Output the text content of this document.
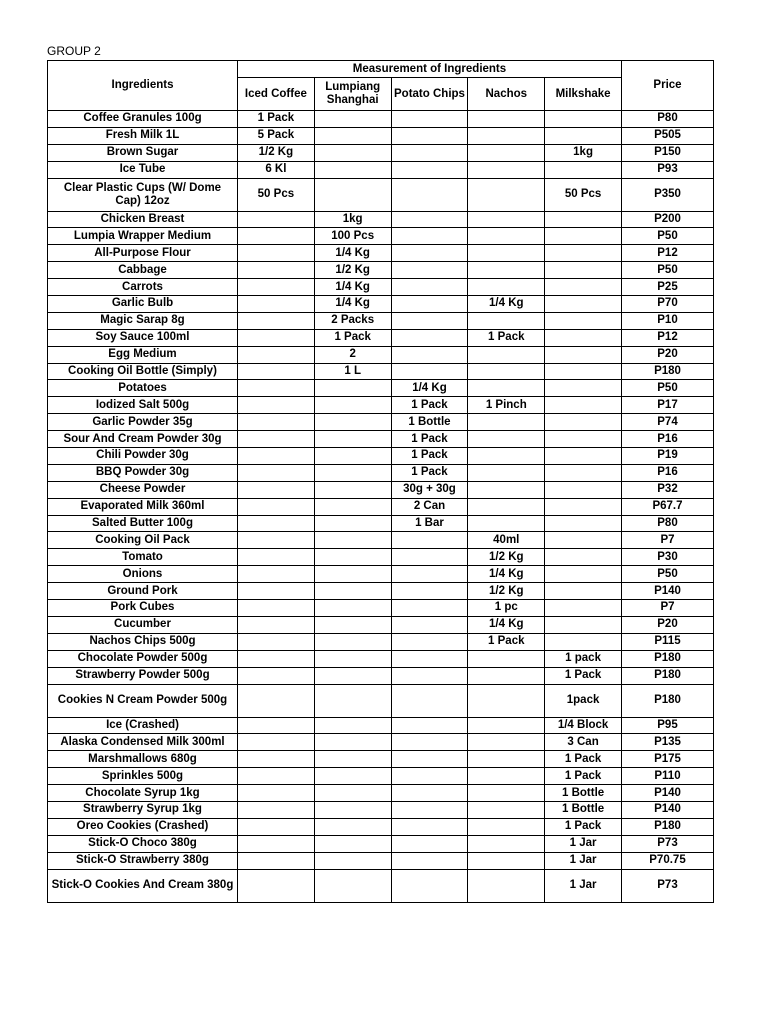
GROUP 2
Ingredients	Measurement of Ingredients					Price
	Iced Coffee	Lumpiang Shanghai	Potato Chips	Nachos	Milkshake	
Coffee Granules 100g	1 Pack					P80
Fresh Milk 1L	5 Pack					P505
Brown Sugar	1/2 Kg				1kg	P150
Ice Tube	6 Kl					P93
Clear Plastic Cups (W/ Dome Cap) 12oz	50 Pcs				50 Pcs	P350
Chicken Breast		1kg				P200
Lumpia Wrapper Medium		100 Pcs				P50
All-Purpose Flour		1/4 Kg				P12
Cabbage		1/2 Kg				P50
Carrots		1/4 Kg				P25
Garlic Bulb		1/4 Kg		1/4 Kg		P70
Magic Sarap 8g		2 Packs				P10
Soy Sauce 100ml		1 Pack		1 Pack		P12
Egg Medium		2				P20
Cooking Oil Bottle (Simply)		1 L				P180
Potatoes			1/4 Kg			P50
Iodized Salt 500g			1 Pack	1 Pinch		P17
Garlic Powder 35g			1 Bottle			P74
Sour And Cream Powder 30g			1 Pack			P16
Chili Powder 30g			1 Pack			P19
BBQ Powder 30g			1 Pack			P16
Cheese Powder			30g + 30g			P32
Evaporated Milk 360ml			2 Can			P67.7
Salted Butter 100g			1 Bar			P80
Cooking Oil Pack				40ml		P7
Tomato				1/2 Kg		P30
Onions				1/4 Kg		P50
Ground Pork				1/2 Kg		P140
Pork Cubes				1 pc		P7
Cucumber				1/4 Kg		P20
Nachos Chips 500g				1 Pack		P115
Chocolate Powder 500g					1 pack	P180
Strawberry Powder 500g					1 Pack	P180
Cookies N Cream Powder 500g					1pack	P180
Ice (Crashed)					1/4 Block	P95
Alaska Condensed Milk 300ml					3 Can	P135
Marshmallows 680g					1 Pack	P175
Sprinkles 500g					1 Pack	P110
Chocolate Syrup 1kg					1 Bottle	P140
Strawberry Syrup 1kg					1 Bottle	P140
Oreo Cookies (Crashed)					1 Pack	P180
Stick-O Choco 380g					1 Jar	P73
Stick-O Strawberry 380g					1 Jar	P70.75
Stick-O Cookies And Cream 380g					1 Jar	P73
